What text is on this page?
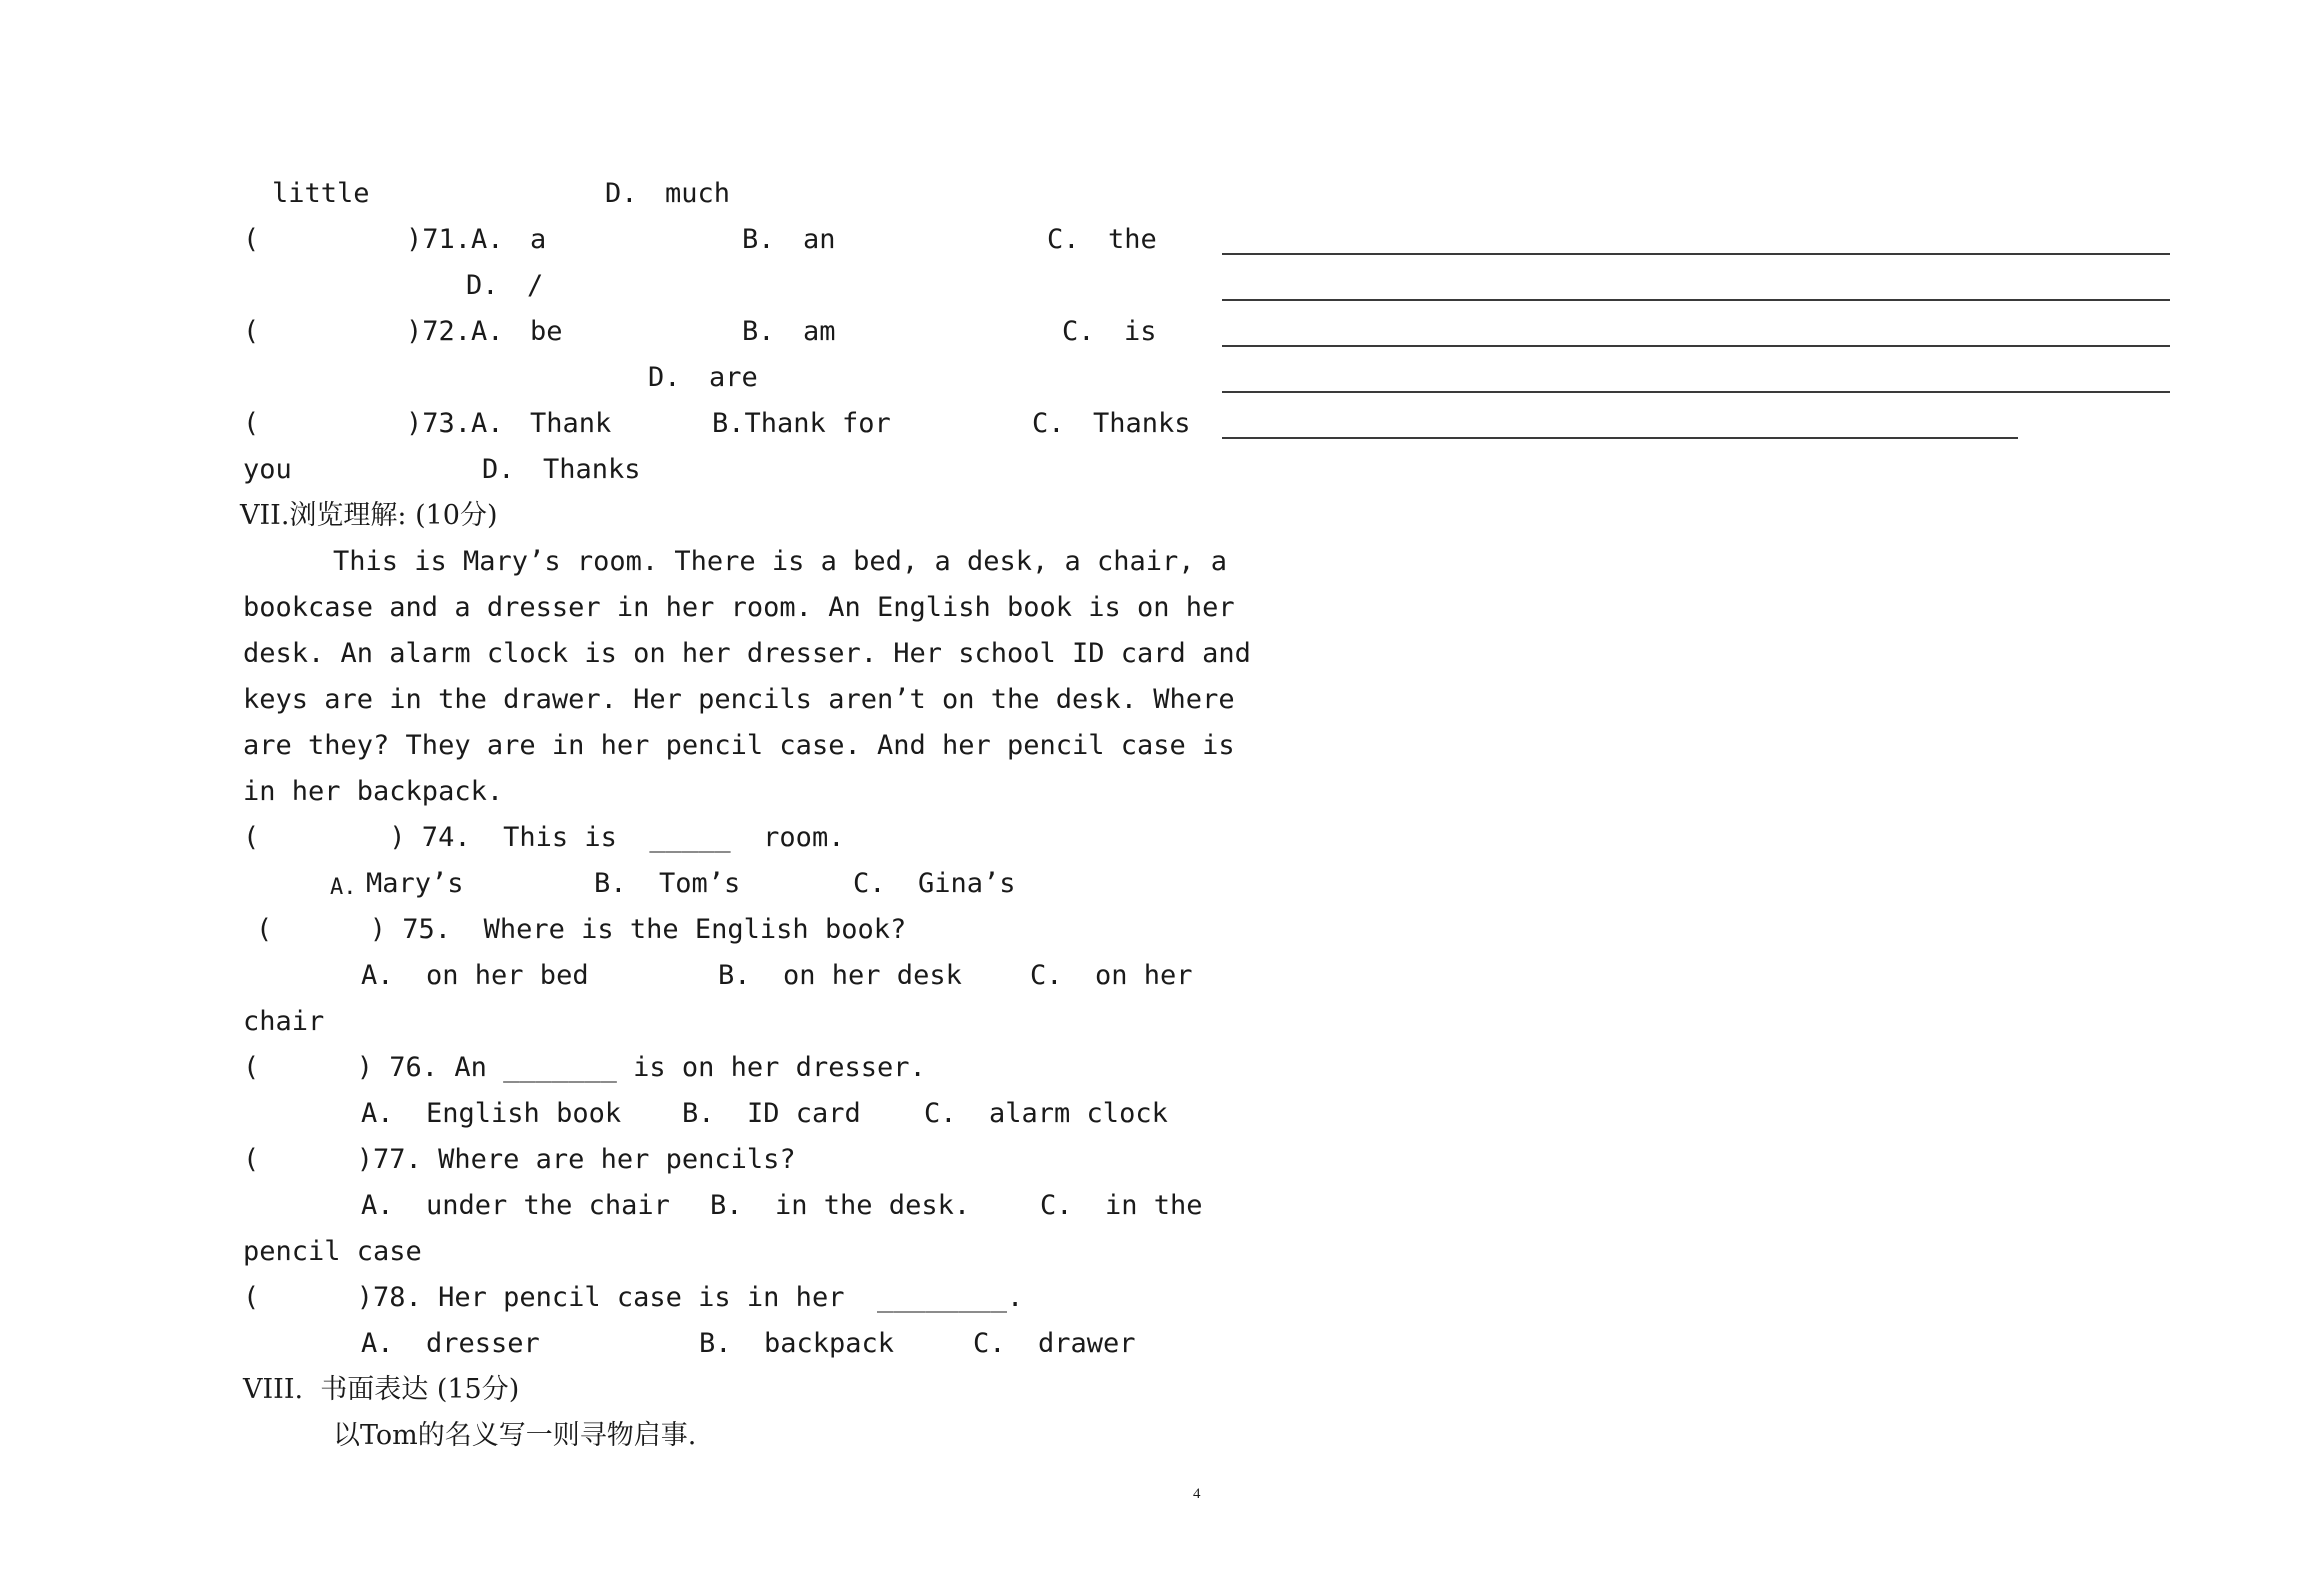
little	D. much
(	)71.A. a	B. an	C. the
D. /
(	)72.A. be	B. am	C. is
D. are
(	)73.A. Thank	B.Thank for	C. Thanks
you	D. Thanks
VII.浏览理解: (10分)
This is Mary’s room. There is a bed, a desk, a chair, a
bookcase and a dresser in her room. An English book is on her
desk. An alarm clock is on her dresser. Her school ID card and
keys are in the drawer. Her pencils aren’t on the desk. Where
are they? They are in her pencil case. And her pencil case is
in her backpack.
(        ) 74.  This is  _____  room.
A. Mary’s	B.  Tom’s	C.  Gina’s
(      ) 75.  Where is the English book?
A.  on her bed	B.  on her desk	C.  on her
chair
(      ) 76. An _______ is on her dresser.
A.  English book B.  ID card C.  alarm clock
(      )77. Where are her pencils?
A.  under the chair B.  in the desk.	C.  in the
pencil case
(      )78. Her pencil case is in her  ________.
A.  dresser	B.  backpack	C.  drawer
VIII.  书面表达 (15分)
以Tom的名义写一则寻物启事.
4
